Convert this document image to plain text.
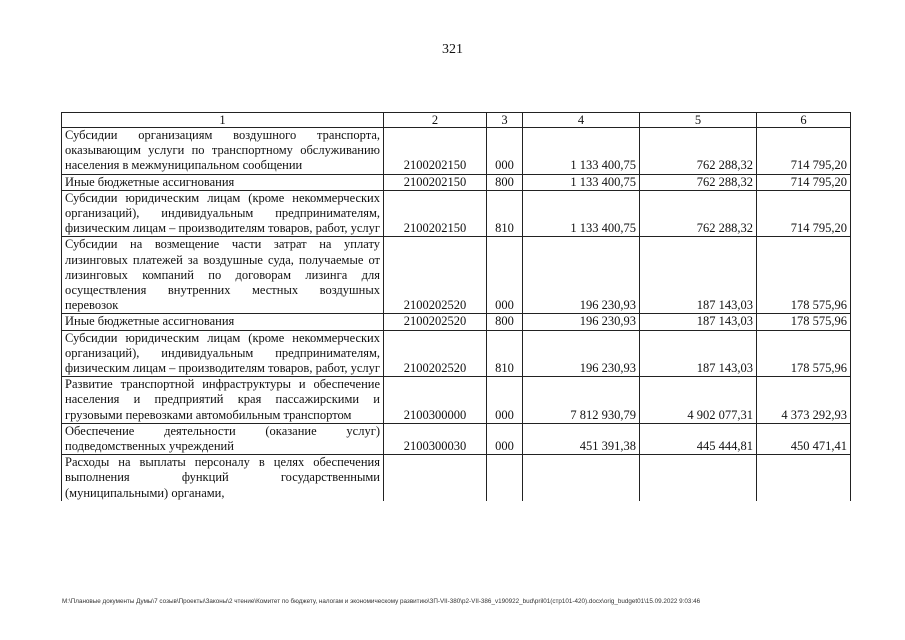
321
1	2	3	4	5	6
Субсидии организациям воздушного транспорта, оказывающим услуги по транспортному обслуживанию населения в межмуниципальном сообщении	2100202150	000	1 133 400,75	762 288,32	714 795,20
Иные бюджетные ассигнования	2100202150	800	1 133 400,75	762 288,32	714 795,20
Субсидии юридическим лицам (кроме некоммерческих организаций), индивидуальным предпринимателям, физическим лицам – производителям товаров, работ, услуг	2100202150	810	1 133 400,75	762 288,32	714 795,20
Субсидии на возмещение части затрат на уплату лизинговых платежей за воздушные суда, получаемые от лизинговых компаний по договорам лизинга для осуществления внутренних местных воздушных перевозок	2100202520	000	196 230,93	187 143,03	178 575,96
Иные бюджетные ассигнования	2100202520	800	196 230,93	187 143,03	178 575,96
Субсидии юридическим лицам (кроме некоммерческих организаций), индивидуальным предпринимателям, физическим лицам – производителям товаров, работ, услуг	2100202520	810	196 230,93	187 143,03	178 575,96
Развитие транспортной инфраструктуры и обеспечение населения и предприятий края пассажирскими и грузовыми перевозками автомобильным транспортом	2100300000	000	7 812 930,79	4 902 077,31	4 373 292,93
Обеспечение деятельности (оказание услуг) подведомственных учреждений	2100300030	000	451 391,38	445 444,81	450 471,41
Расходы на выплаты персоналу в целях обеспечения выполнения функций государственными (муниципальными) органами,					
M:\Плановые документы Думы\7 созыв\Проекты\Законы\2 чтение\Комитет по бюджету, налогам и экономическому развитию\ЗП-VII-380\р2-VII-386_v190922_bud\pril01(стр101-420).docx\orig_budget01\15.09.2022 9:03:46
